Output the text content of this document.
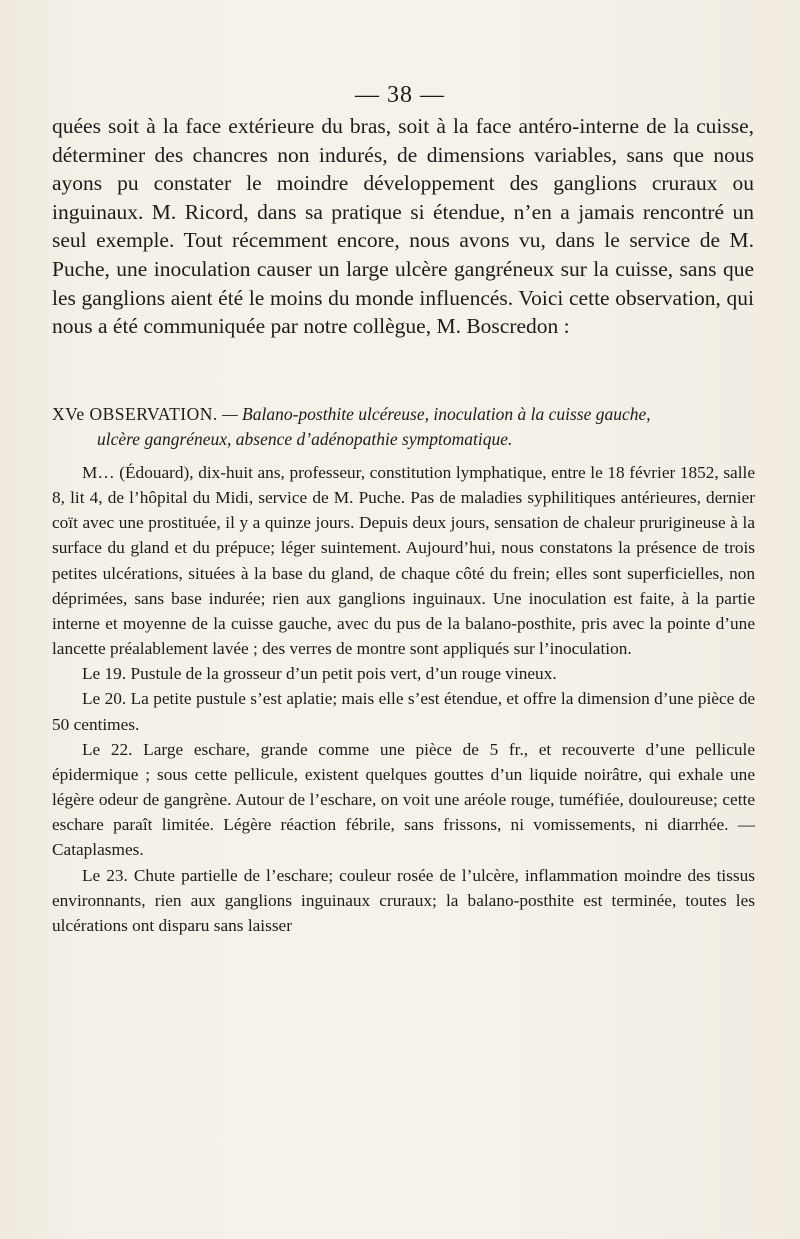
— 38 —

quées soit à la face extérieure du bras, soit à la face antéro-interne de la cuisse, déterminer des chancres non indurés, de dimensions variables, sans que nous ayons pu constater le moindre développement des ganglions cruraux ou inguinaux. M. Ricord, dans sa pratique si étendue, n’en a jamais rencontré un seul exemple. Tout récemment encore, nous avons vu, dans le service de M. Puche, une inoculation causer un large ulcère gangréneux sur la cuisse, sans que les ganglions aient été le moins du monde influencés. Voici cette observation, qui nous a été communiquée par notre collègue, M. Boscredon :

XVe OBSERVATION. — Balano-posthite ulcéreuse, inoculation à la cuisse gauche,
ulcère gangréneux, absence d’adénopathie symptomatique.

M… (Édouard), dix-huit ans, professeur, constitution lymphatique, entre le 18 février 1852, salle 8, lit 4, de l’hôpital du Midi, service de M. Puche. Pas de maladies syphilitiques antérieures, dernier coït avec une prostituée, il y a quinze jours. Depuis deux jours, sensation de chaleur prurigineuse à la surface du gland et du prépuce; léger suintement. Aujourd’hui, nous constatons la présence de trois petites ulcérations, situées à la base du gland, de chaque côté du frein; elles sont superficielles, non déprimées, sans base indurée; rien aux ganglions inguinaux. Une inoculation est faite, à la partie interne et moyenne de la cuisse gauche, avec du pus de la balano-posthite, pris avec la pointe d’une lancette préalablement lavée ; des verres de montre sont appliqués sur l’inoculation.

Le 19. Pustule de la grosseur d’un petit pois vert, d’un rouge vineux.

Le 20. La petite pustule s’est aplatie; mais elle s’est étendue, et offre la dimension d’une pièce de 50 centimes.

Le 22. Large eschare, grande comme une pièce de 5 fr., et recouverte d’une pellicule épidermique ; sous cette pellicule, existent quelques gouttes d’un liquide noirâtre, qui exhale une légère odeur de gangrène. Autour de l’eschare, on voit une aréole rouge, tuméfiée, douloureuse; cette eschare paraît limitée. Légère réaction fébrile, sans frissons, ni vomissements, ni diarrhée. — Cataplasmes.

Le 23. Chute partielle de l’eschare; couleur rosée de l’ulcère, inflammation moindre des tissus environnants, rien aux ganglions inguinaux cruraux; la balano-posthite est terminée, toutes les ulcérations ont disparu sans laisser
